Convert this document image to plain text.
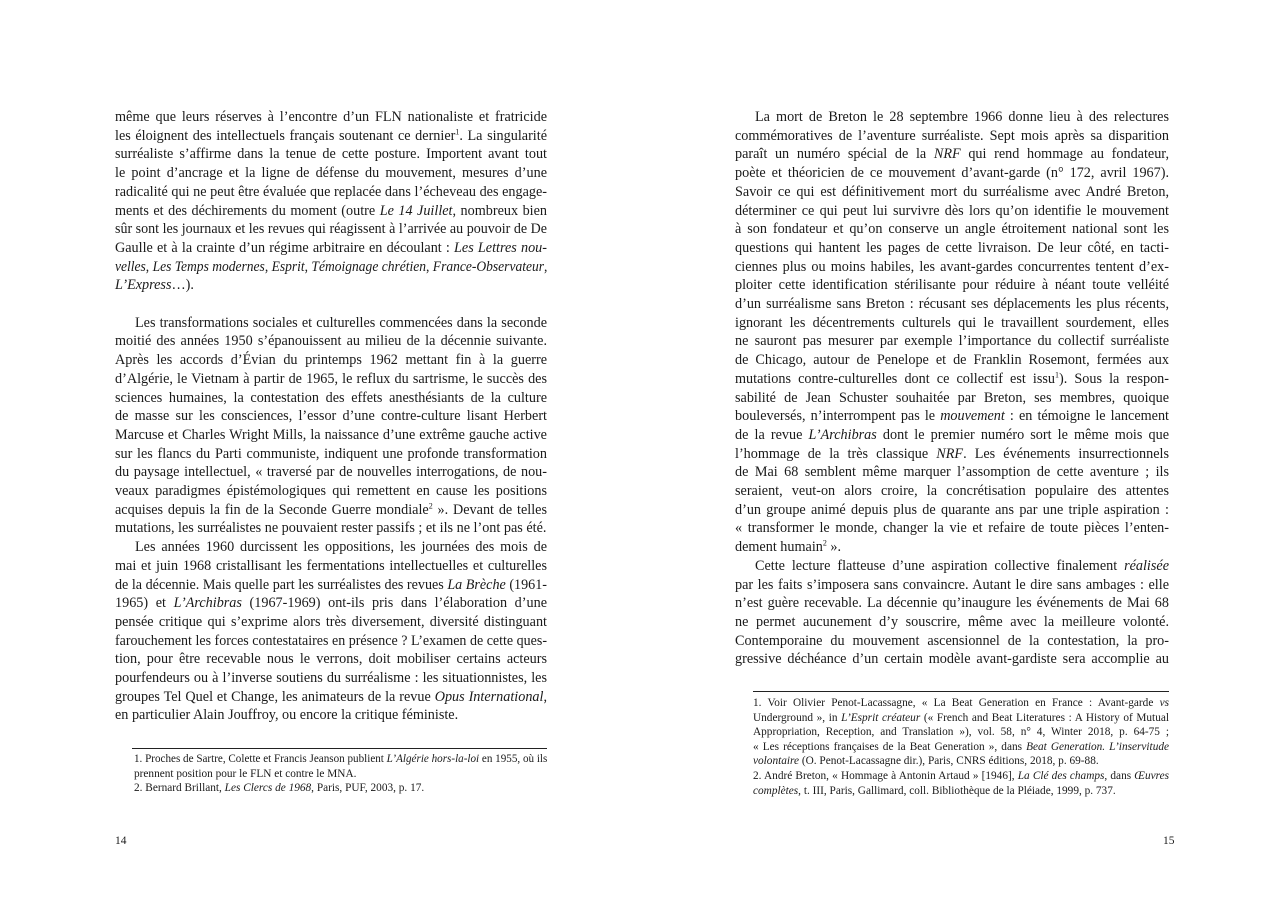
même que leurs réserves à l’encontre d’un FLN nationaliste et fratricide
les éloignent des intellectuels français soutenant ce dernier$^1$. La singularité
surréaliste s’affirme dans la tenue de cette posture. Importent avant tout
le point d’ancrage et la ligne de défense du mouvement, mesures d’une
radicalité qui ne peut être évaluée que replacée dans l’écheveau des engage-
ments et des déchirements du moment (outre Le 14 Juillet, nombreux bien
sûr sont les journaux et les revues qui réagissent à l’arrivée au pouvoir de De
Gaulle et à la crainte d’un régime arbitraire en découlant : Les Lettres nou-
velles, Les Temps modernes, Esprit, Témoignage chrétien, France-Observateur,
L’Express…).
Les transformations sociales et culturelles commencées dans la seconde
moitié des années 1950 s’épanouissent au milieu de la décennie suivante.
Après les accords d’Évian du printemps 1962 mettant fin à la guerre
d’Algérie, le Vietnam à partir de 1965, le reflux du sartrisme, le succès des
sciences humaines, la contestation des effets anesthésiants de la culture
de masse sur les consciences, l’essor d’une contre-culture lisant Herbert
Marcuse et Charles Wright Mills, la naissance d’une extrême gauche active
sur les flancs du Parti communiste, indiquent une profonde transformation
du paysage intellectuel, « traversé par de nouvelles interrogations, de nou-
veaux paradigmes épistémologiques qui remettent en cause les positions
acquises depuis la fin de la Seconde Guerre mondiale$^2$ ». Devant de telles
mutations, les surréalistes ne pouvaient rester passifs ; et ils ne l’ont pas été.
Les années 1960 durcissent les oppositions, les journées des mois de
mai et juin 1968 cristallisant les fermentations intellectuelles et culturelles
de la décennie. Mais quelle part les surréalistes des revues La Brèche (1961-
1965) et L’Archibras (1967-1969) ont-ils pris dans l’élaboration d’une
pensée critique qui s’exprime alors très diversement, diversité distinguant
farouchement les forces contestataires en présence ? L’examen de cette ques-
tion, pour être recevable nous le verrons, doit mobiliser certains acteurs
pourfendeurs ou à l’inverse soutiens du surréalisme : les situationnistes, les
groupes Tel Quel et Change, les animateurs de la revue Opus International,
en particulier Alain Jouffroy, ou encore la critique féministe.
1. Proches de Sartre, Colette et Francis Jeanson publient L’Algérie hors-la-loi en 1955, où ils
prennent position pour le FLN et contre le MNA.
2. Bernard Brillant, Les Clercs de 1968, Paris, PUF, 2003, p. 17.
14
La mort de Breton le 28 septembre 1966 donne lieu à des relectures
commémoratives de l’aventure surréaliste. Sept mois après sa disparition
paraît un numéro spécial de la NRF qui rend hommage au fondateur,
poète et théoricien de ce mouvement d’avant-garde (n° 172, avril 1967).
Savoir ce qui est définitivement mort du surréalisme avec André Breton,
déterminer ce qui peut lui survivre dès lors qu’on identifie le mouvement
à son fondateur et qu’on conserve un angle étroitement national sont les
questions qui hantent les pages de cette livraison. De leur côté, en tacti-
ciennes plus ou moins habiles, les avant-gardes concurrentes tentent d’ex-
ploiter cette identification stérilisante pour réduire à néant toute velléité
d’un surréalisme sans Breton : récusant ses déplacements les plus récents,
ignorant les décentrements culturels qui le travaillent sourdement, elles
ne sauront pas mesurer par exemple l’importance du collectif surréaliste
de Chicago, autour de Penelope et de Franklin Rosemont, fermées aux
mutations contre-culturelles dont ce collectif est issu$^1$). Sous la respon-
sabilité de Jean Schuster souhaitée par Breton, ses membres, quoique
bouleversés, n’interrompent pas le mouvement : en témoigne le lancement
de la revue L’Archibras dont le premier numéro sort le même mois que
l’hommage de la très classique NRF. Les événements insurrectionnels
de Mai 68 semblent même marquer l’assomption de cette aventure ; ils
seraient, veut-on alors croire, la concrétisation populaire des attentes
d’un groupe animé depuis plus de quarante ans par une triple aspiration :
« transformer le monde, changer la vie et refaire de toute pièces l’enten-
dement humain$^2$ ».
Cette lecture flatteuse d’une aspiration collective finalement réalisée
par les faits s’imposera sans convaincre. Autant le dire sans ambages : elle
n’est guère recevable. La décennie qu’inaugure les événements de Mai 68
ne permet aucunement d’y souscrire, même avec la meilleure volonté.
Contemporaine du mouvement ascensionnel de la contestation, la pro-
gressive déchéance d’un certain modèle avant-gardiste sera accomplie au
1. Voir Olivier Penot-Lacassagne, « La Beat Generation en France : Avant-garde vs
Underground », in L’Esprit créateur (« French and Beat Literatures : A History of Mutual
Appropriation, Reception, and Translation »), vol. 58, n° 4, Winter 2018, p. 64-75 ;
« Les réceptions françaises de la Beat Generation », dans Beat Generation. L’inservitude
volontaire (O. Penot-Lacassagne dir.), Paris, CNRS éditions, 2018, p. 69-88.
2. André Breton, « Hommage à Antonin Artaud » [1946], La Clé des champs, dans Œuvres
complètes, t. III, Paris, Gallimard, coll. Bibliothèque de la Pléiade, 1999, p. 737.
15
